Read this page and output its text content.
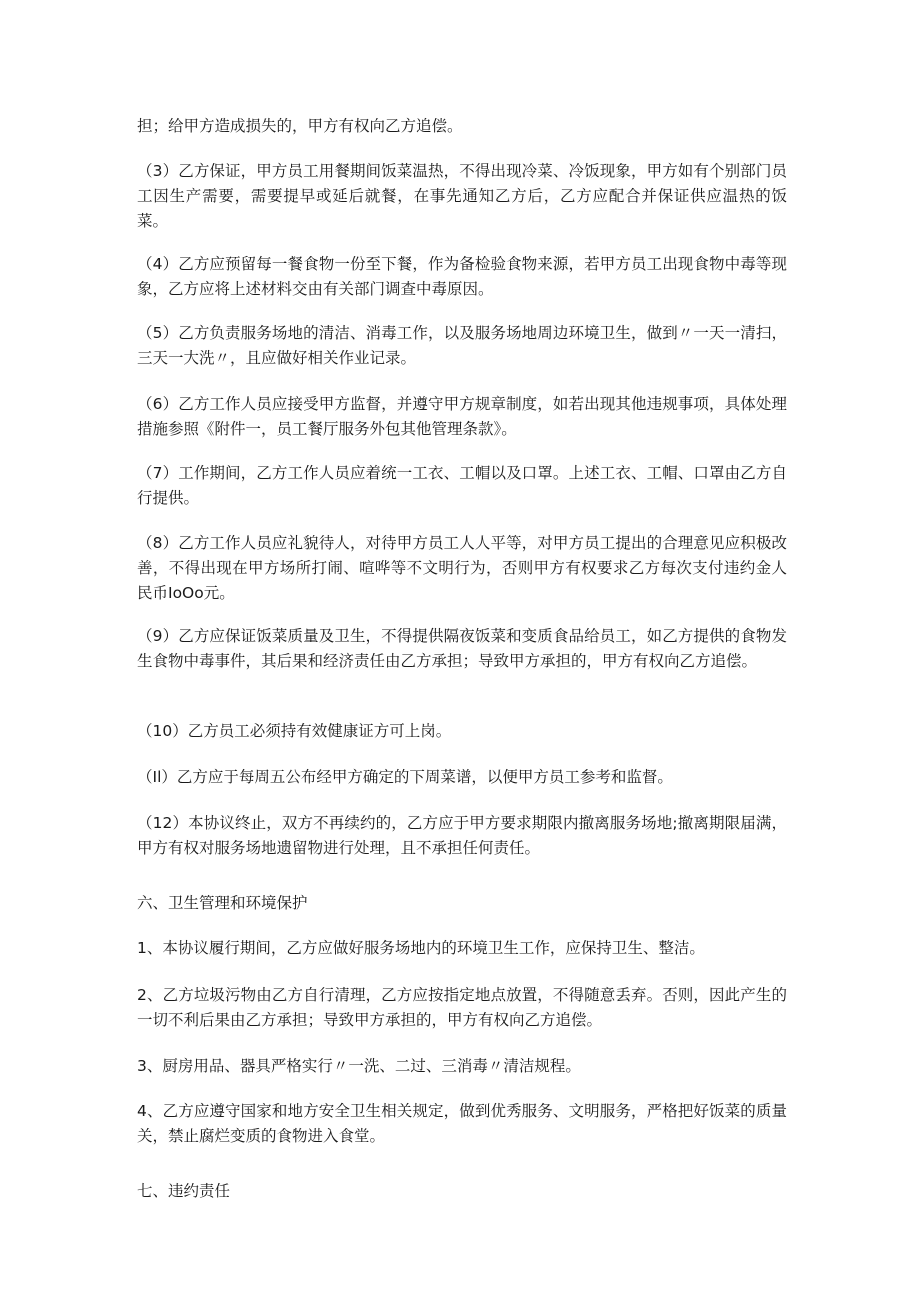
担；给甲方造成损失的，甲方有权向乙方追偿。

（3）乙方保证，甲方员工用餐期间饭菜温热，不得出现冷菜、冷饭现象，甲方如有个别部门员工因生产需要，需要提早或延后就餐，在事先通知乙方后，乙方应配合并保证供应温热的饭菜。

（4）乙方应预留每一餐食物一份至下餐，作为备检验食物来源，若甲方员工出现食物中毒等现象，乙方应将上述材料交由有关部门调查中毒原因。

（5）乙方负责服务场地的清洁、消毒工作，以及服务场地周边环境卫生，做到〃一天一清扫，三天一大洗〃，且应做好相关作业记录。

（6）乙方工作人员应接受甲方监督，并遵守甲方规章制度，如若出现其他违规事项，具体处理措施参照《附件一，员工餐厅服务外包其他管理条款》。

（7）工作期间，乙方工作人员应着统一工衣、工帽以及口罩。上述工衣、工帽、口罩由乙方自行提供。

（8）乙方工作人员应礼貌待人，对待甲方员工人人平等，对甲方员工提出的合理意见应积极改善，不得出现在甲方场所打闹、喧哗等不文明行为，否则甲方有权要求乙方每次支付违约金人民币IoOo元。

（9）乙方应保证饭菜质量及卫生，不得提供隔夜饭菜和变质食品给员工，如乙方提供的食物发生食物中毒事件，其后果和经济责任由乙方承担；导致甲方承担的，甲方有权向乙方追偿。

（10）乙方员工必须持有效健康证方可上岗。

（Il）乙方应于每周五公布经甲方确定的下周菜谱，以便甲方员工参考和监督。

（12）本协议终止，双方不再续约的，乙方应于甲方要求期限内撤离服务场地;撤离期限届满，甲方有权对服务场地遗留物进行处理，且不承担任何责任。

六、卫生管理和环境保护

1、本协议履行期间，乙方应做好服务场地内的环境卫生工作，应保持卫生、整洁。

2、乙方垃圾污物由乙方自行清理，乙方应按指定地点放置，不得随意丢弃。否则，因此产生的一切不利后果由乙方承担；导致甲方承担的，甲方有权向乙方追偿。

3、厨房用品、器具严格实行〃一洗、二过、三消毒〃清洁规程。

4、乙方应遵守国家和地方安全卫生相关规定，做到优秀服务、文明服务，严格把好饭菜的质量关，禁止腐烂变质的食物进入食堂。

七、违约责任
